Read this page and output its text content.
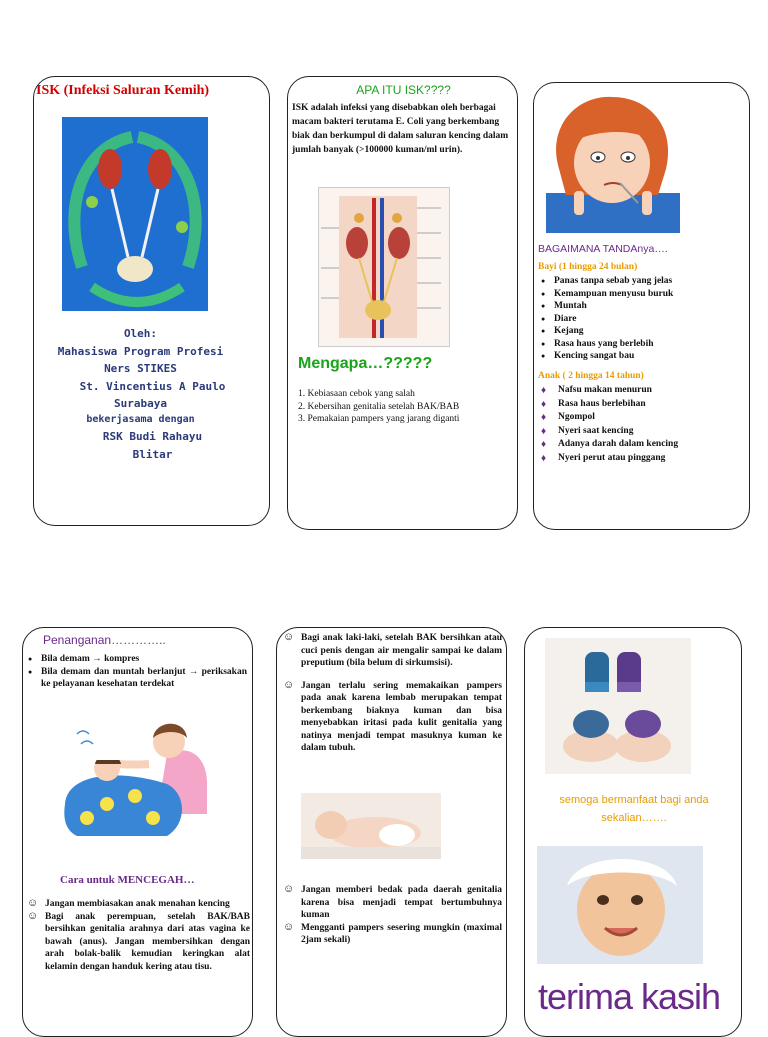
ISK (Infeksi Saluran Kemih)
Oleh:
Mahasiswa Program Profesi
Ners STIKES
St. Vincentius A Paulo
Surabaya
bekerjasama dengan
RSK Budi Rahayu
Blitar
APA ITU ISK????
ISK adalah infeksi yang disebabkan oleh berbagai macam bakteri terutama E. Coli yang berkembang biak dan berkumpul di dalam saluran kencing dalam jumlah banyak (>100000 kuman/ml urin).
Mengapa…?????
1. Kebiasaan cebok yang salah
2. Kebersihan genitalia setelah BAK/BAB
3. Pemakaian pampers yang jarang diganti
BAGAIMANA TANDAnya….
Bayi (1 hingga 24 bulan)
● Panas tanpa sebab yang jelas
● Kemampuan menyusu buruk
● Muntah
● Diare
● Kejang
● Rasa haus yang berlebih
● Kencing sangat bau
Anak ( 2 hingga 14 tahun)
♦ Nafsu makan menurun
♦ Rasa haus berlebihan
♦ Ngompol
♦ Nyeri saat kencing
♦ Adanya darah dalam kencing
♦ Nyeri perut atau pinggang
Penanganan…………..
● Bila demam → kompres
● Bila demam dan muntah berlanjut → periksakan ke pelayanan kesehatan terdekat
Cara untuk MENCEGAH…
☺ Jangan membiasakan anak menahan kencing
☺ Bagi anak perempuan, setelah BAK/BAB bersihkan genitalia arahnya dari atas vagina ke bawah (anus). Jangan membersihkan dengan arah bolak-balik kemudian keringkan alat kelamin dengan handuk kering atau tisu.
☺ Bagi anak laki-laki, setelah BAK bersihkan atau cuci penis dengan air mengalir sampai ke dalam preputium (bila belum di sirkumsisi).
☺ Jangan terlalu sering memakaikan pampers pada anak karena lembab merupakan tempat berkembang biaknya kuman dan bisa menyebabkan iritasi pada kulit genitalia yang natinya menjadi tempat masuknya kuman ke dalam tubuh.
☺ Jangan memberi bedak pada daerah genitalia karena bisa menjadi tempat bertumbuhnya kuman
☺ Mengganti pampers sesering mungkin (maximal 2jam sekali)
semoga bermanfaat bagi anda sekalian…….
terima kasih
